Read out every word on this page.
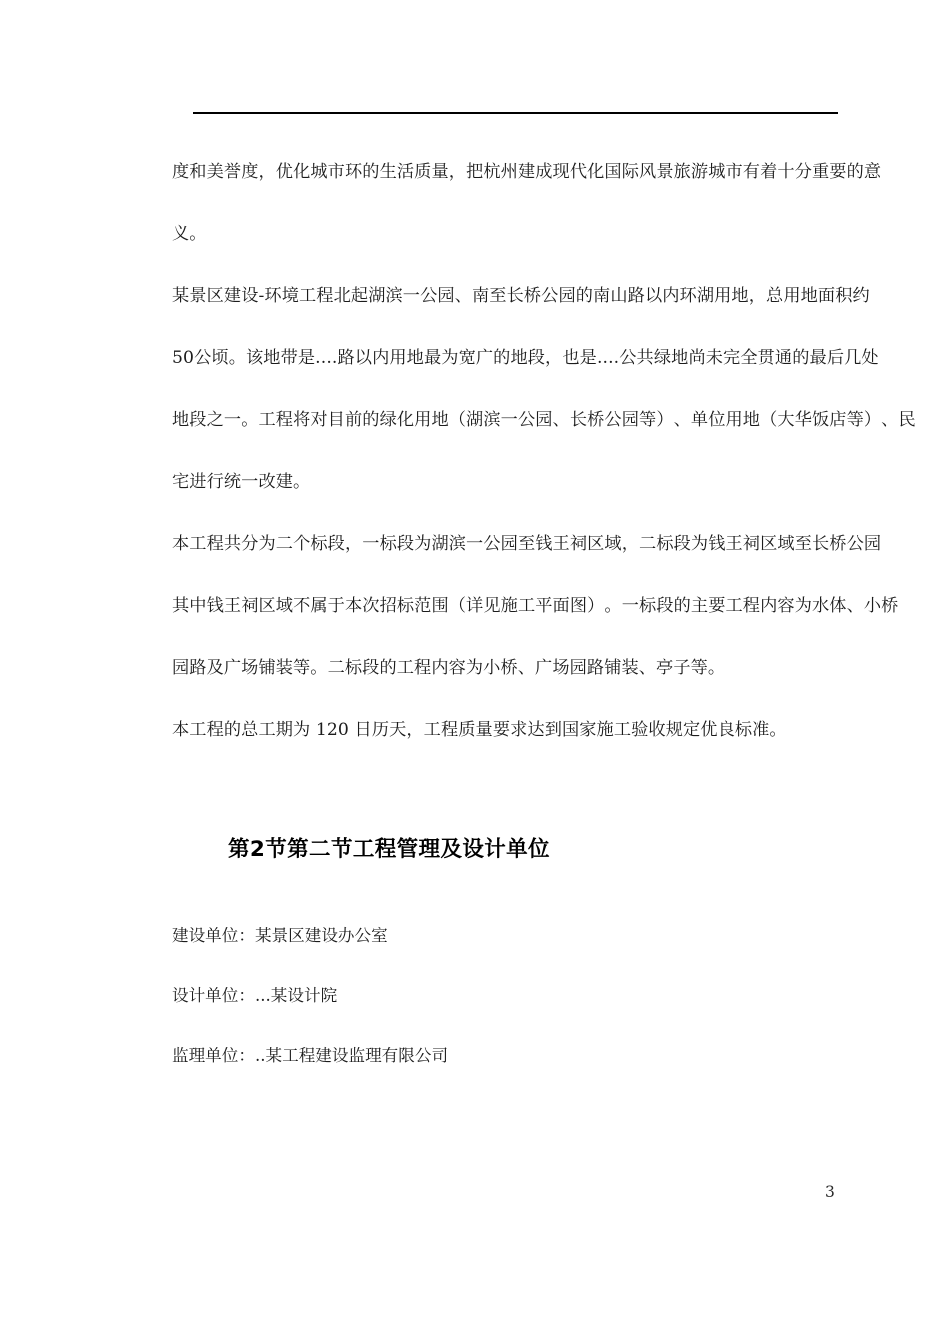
度 和 美 誉 度 ， 优 化 城 市 环 的 生 活 质 量 ， 把 杭 州 建 成 现 代 化 国 际 风 景 旅 游 城 市 有 着 十 分 重 要 的 意
义。
某 景 区 建 设 - 环 境 工 程 北 起 湖 滨 一 公 园 、 南 至 长 桥 公 园 的 南 山 路 以 内 环 湖 用 地 ， 总 用 地 面 积 约
5 0 公 顷 。 该 地 带 是 . . . . 路 以 内 用 地 最 为 宽 广 的 地 段 ， 也 是 . . . . 公 共 绿 地 尚 未 完 全 贯 通 的 最 后 几 处
地 段 之 一 。 工 程 将 对 目 前 的 绿 化 用 地 （ 湖 滨 一 公 园 、 长 桥 公 园 等 ） 、 单 位 用 地 （ 大 华 饭 店 等 ） 、 民
宅进行统一改建。
本 工 程 共 分 为 二 个 标 段 ， 一 标 段 为 湖 滨 一 公 园 至 钱 王 祠 区 域 ， 二 标 段 为 钱 王 祠 区 域 至 长 桥 公 园
其 中 钱 王 祠 区 域 不 属 于 本 次 招 标 范 围 （ 详 见 施 工 平 面 图 ） 。 一 标 段 的 主 要 工 程 内 容 为 水 体 、 小 桥
园路及广场铺装等。二标段的工程内容为小桥、广场园路铺装、亭子等。
本工程的总工期为 120 日历天，工程质量要求达到国家施工验收规定优良标准。
第2节第二节工程管理及设计单位
建设单位：某景区建设办公室
设计单位：...某设计院
监理单位：..某工程建设监理有限公司
3
